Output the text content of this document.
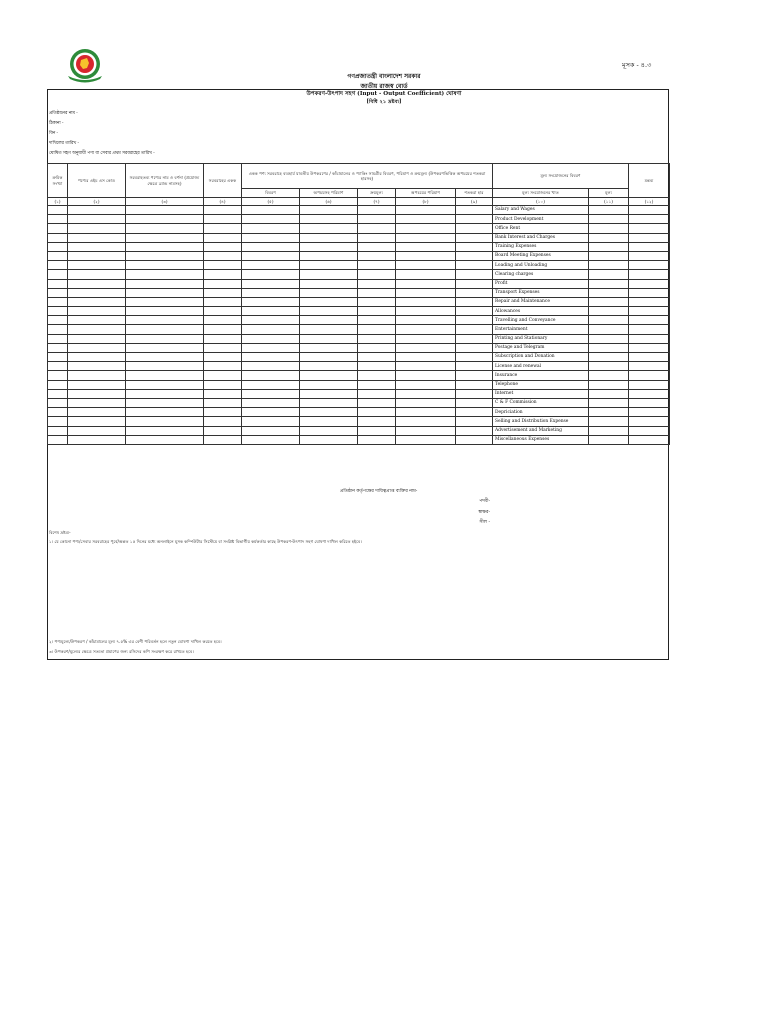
মূসক - ৪.৩
গণপ্রজাতন্ত্রী বাংলাদেশ সরকার
জাতীয় রাজস্ব বোর্ড
উপকরণ-উৎপাদ সহগ (Input - Output Coefficient) ঘোষণা
[বিধি ২১ দ্রষ্টব্য]
প্রতিষ্ঠানের নাম -
ঠিকানা -
বিন -
দাখিলের তারিখ -
ঘোষিত সহগ অনুযায়ী পণ্য বা সেবার প্রথম সরবরাহের তারিখ -
ক্রমিক সংখ্যা	পণ্যের এইচ এস কোড	সরবরাহতব্য পণ্যের নাম ও বর্ণনা (প্রযোজ্য ক্ষেত্রে ব্র্যান্ড নামসহ)	সরবরাহের একক	একক পণ্য সরবরাহে ব্যবহার্য যাবতীয় উপকরণের / কাঁচামালের ও প্যাকিং সামগ্রীর বিবরণ, পরিমাণ ও ক্রয়মূল্য (উপকরণভিত্তিক অপচয়ের শতকরা হারসহ)					মূল্য সংযোজনের বিবরণ		মন্তব্য
				বিবরণ	অপচয়সহ পরিমাণ	ক্রয়মূল্য	অপচয়ের পরিমাণ	শতকরা হার	মূল্য সংযোজনের খাত	মূল্য	
(১)	(২)	(৩)	(৪)	(৫)	(৬)	(৭)	(৮)	(৯)	(১০)	(১১)	(১২)
									Salary and Wages		
									Product Development		
									Office Rent		
									Bank Interest and Charges		
									Training Expenses		
									Board Meeting Expenses		
									Loading and Unloading		
									Clearing charges		
									Profit		
									Transport Expenses		
									Repair and Maintenance		
									Allowances		
									Travelling and Conveyance		
									Entertainment		
									Printing and Stationary		
									Postage and Telegram		
									Subscription and Donation		
									License and renewal		
									Insurance		
									Telephone		
									Internet		
									C & F Commission		
									Depriciation		
									Selling and Distribution Expense		
									Advertisement and Marketing		
									Miscellaneous Expenses		

প্রতিষ্ঠান কর্তৃপক্ষের দায়িত্বপ্রাপ্ত ব্যক্তির নাম-
পদবী-
স্বাক্ষর-
সীল -
বিশেষ দ্রষ্টব্য-
১। যে কোনো পণ্য/সেবার সরবরাহের পূর্বে/অন্তত ১৫ দিনের মধ্যে অনলাইনে মূসক কম্পিউটার সিস্টেমে বা সংশ্লিষ্ট বিভাগীয় কর্মকর্তার কাছে উপকরণ-উৎপাদ সহগ ঘোষণা দাখিল করিতে হইবে।
২। পণ্যমূল্যে/উপকরণ / কাঁচামালের মূল্য ৭.৫% এর বেশী পরিবর্তন হলে নতুন ঘোষণা দাখিল করতে হবে।
৩। উপকরণ/মূল্যের ক্ষেত্রে সত্যতা প্রমাণের জন্য রসিদের কপি সংরক্ষণ করে রাখতে হবে।
